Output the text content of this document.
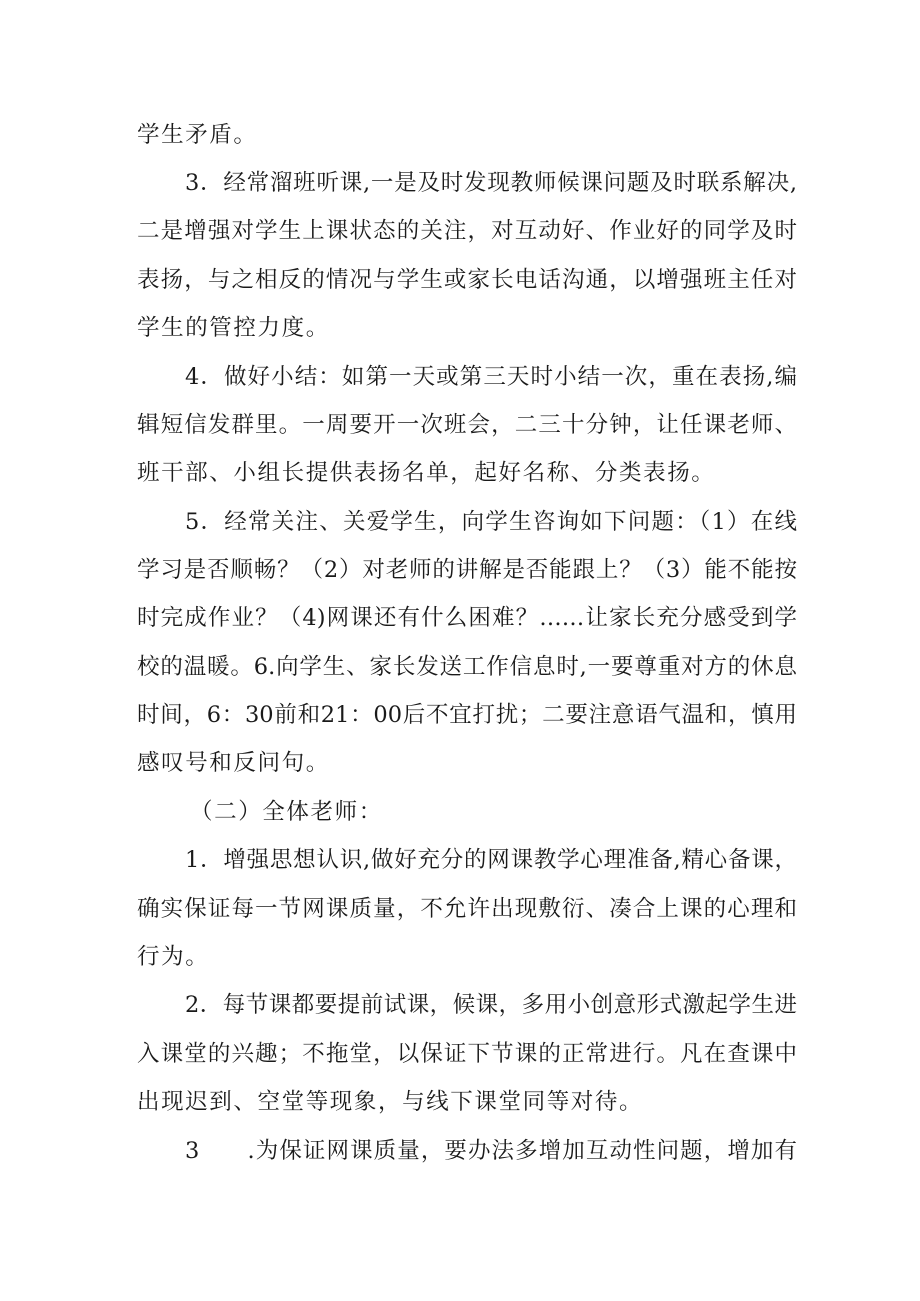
学生矛盾。
3．经常溜班听课,一是及时发现教师候课问题及时联系解决,
二是增强对学生上课状态的关注，对互动好、作业好的同学及时
表扬，与之相反的情况与学生或家长电话沟通，以增强班主任对
学生的管控力度。
4．做好小结：如第一天或第三天时小结一次，重在表扬,编
辑短信发群里。一周要开一次班会，二三十分钟，让任课老师、
班干部、小组长提供表扬名单，起好名称、分类表扬。
5．经常关注、关爱学生，向学生咨询如下问题：（1）在线
学习是否顺畅？（2）对老师的讲解是否能跟上？（3）能不能按
时完成作业？（4)网课还有什么困难？……让家长充分感受到学
校的温暖。6.向学生、家长发送工作信息时,一要尊重对方的休息
时间，6：30前和21：00后不宜打扰；二要注意语气温和，慎用
感叹号和反问句。
（二）全体老师：
1．增强思想认识,做好充分的网课教学心理准备,精心备课，
确实保证每一节网课质量，不允许出现敷衍、凑合上课的心理和
行为。
2．每节课都要提前试课，候课，多用小创意形式激起学生进
入课堂的兴趣；不拖堂，以保证下节课的正常进行。凡在查课中
出现迟到、空堂等现象，与线下课堂同等对待。
3　　.为保证网课质量，要办法多增加互动性问题，增加有
